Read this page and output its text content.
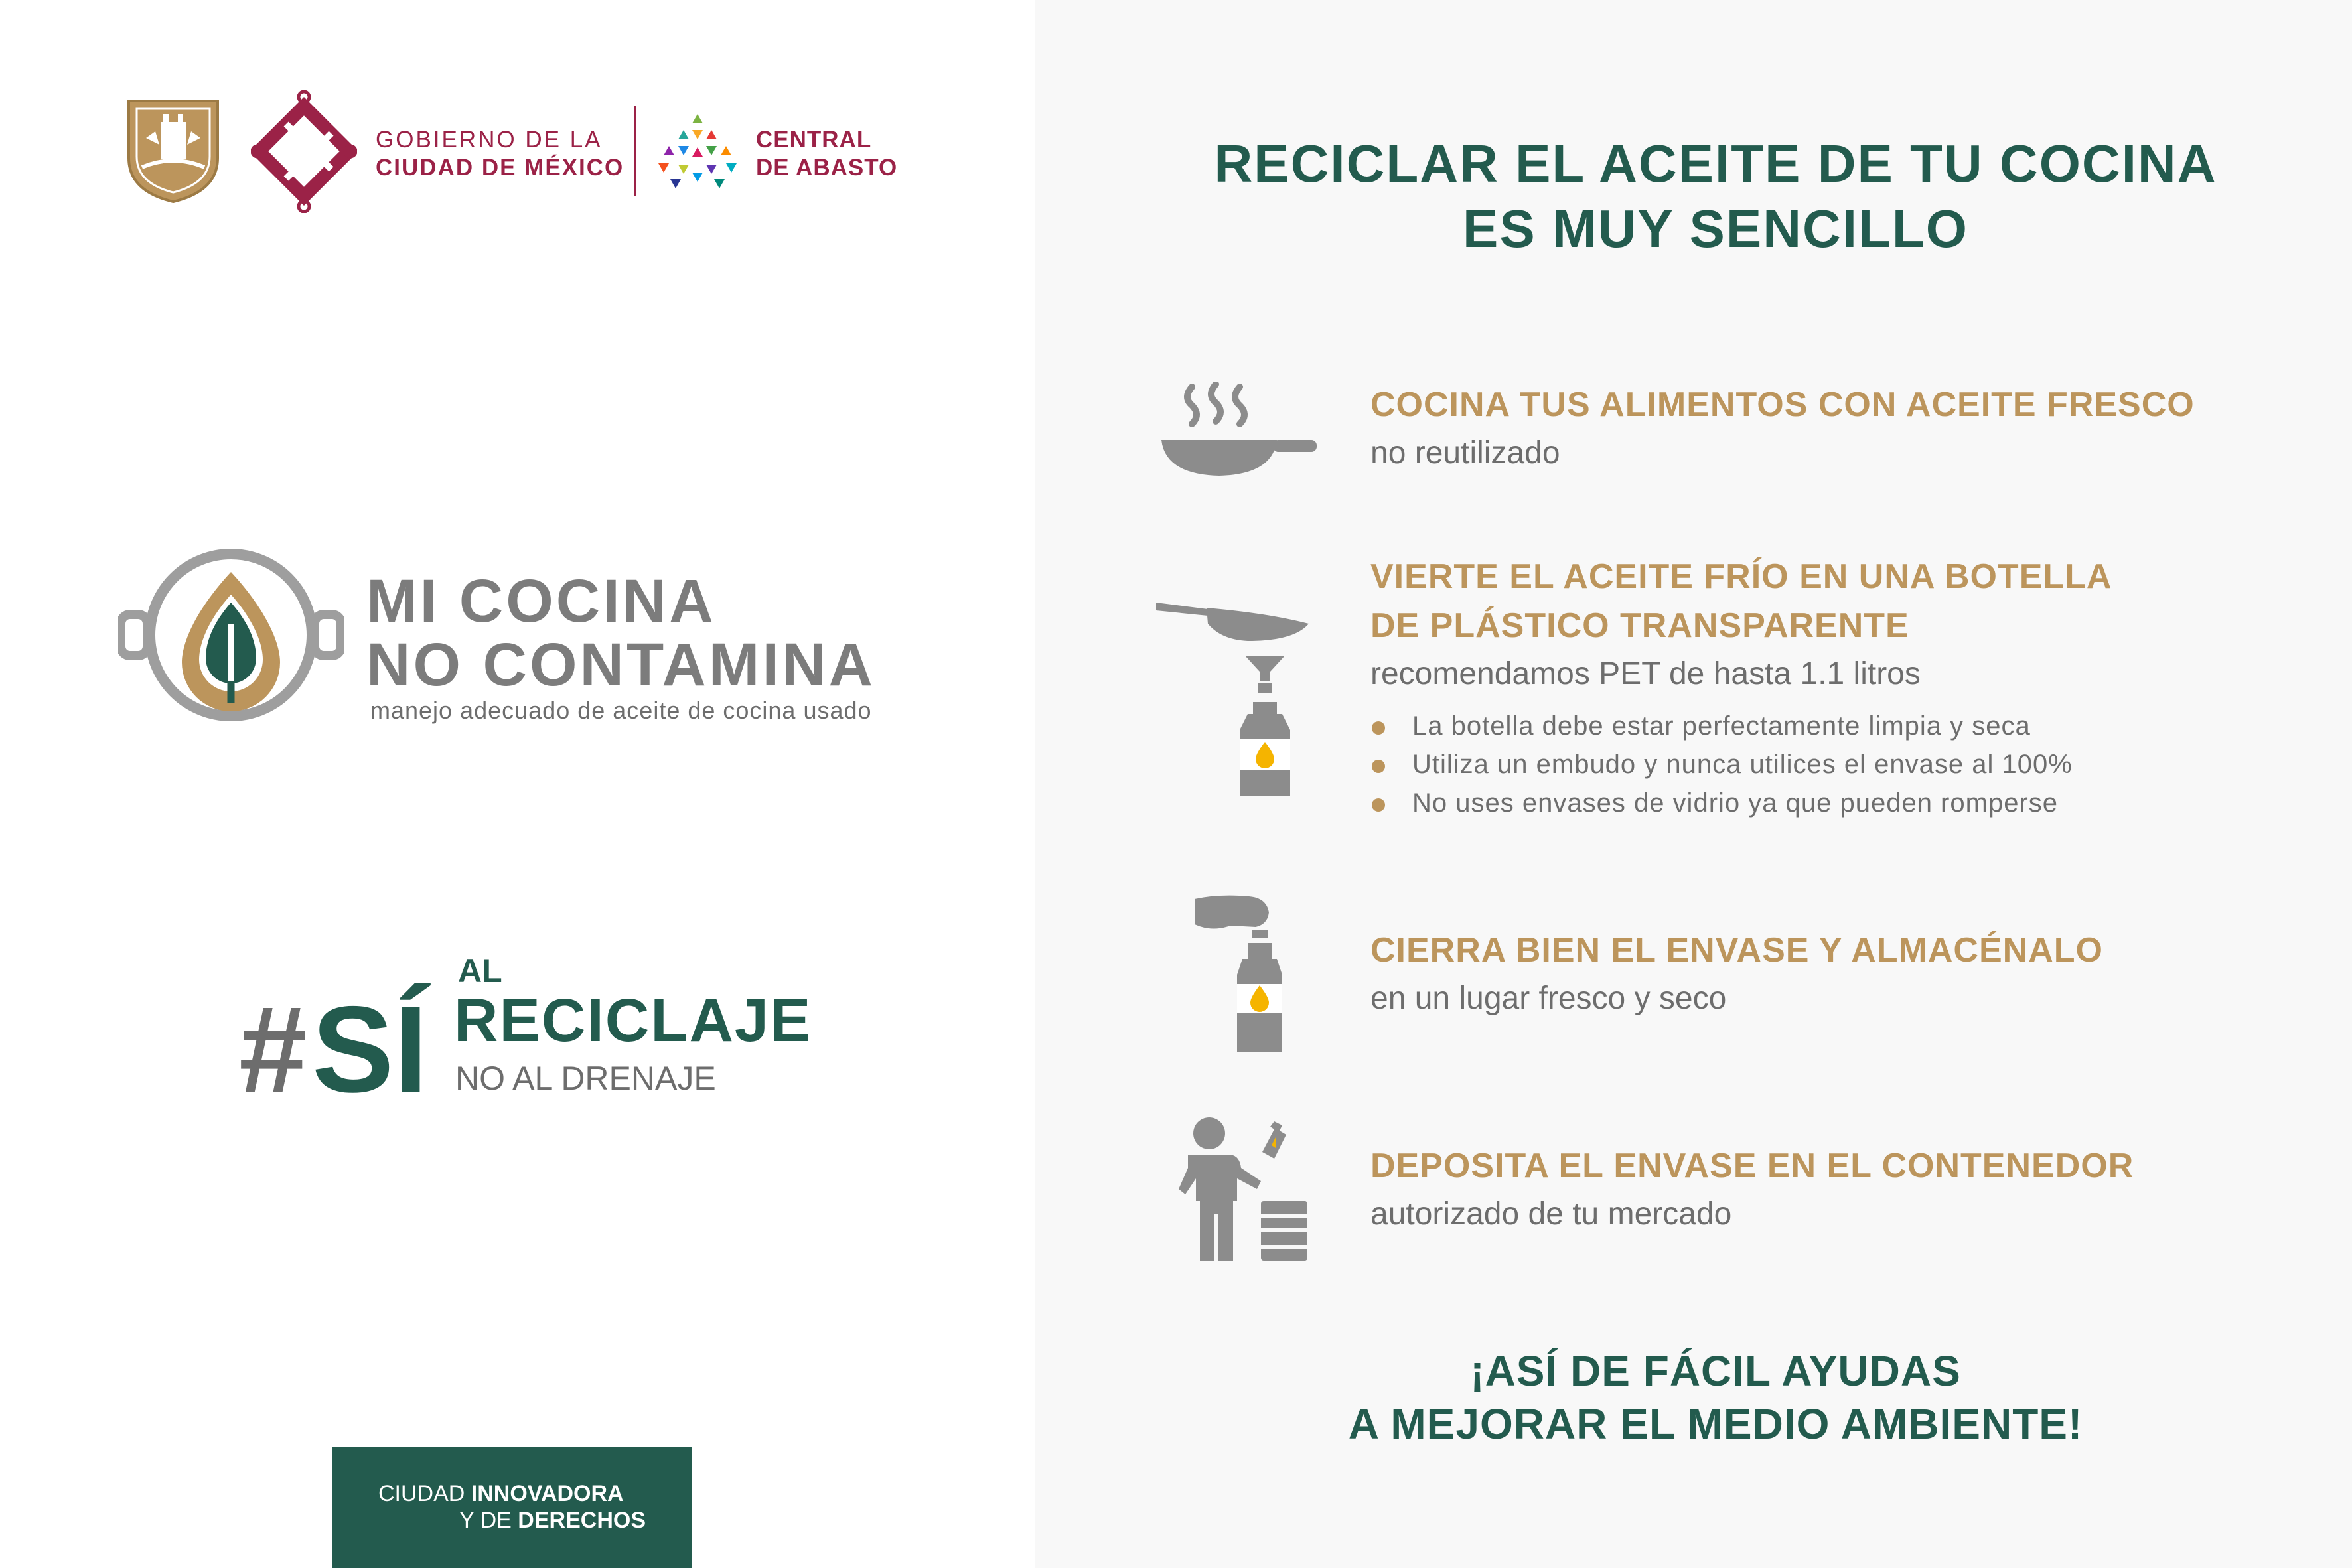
GOBIERNO DE LA
CIUDAD DE MÉXICO
CENTRAL
DE ABASTO
MI COCINA
NO CONTAMINA
manejo adecuado de aceite de cocina usado
# SÍ
AL
RECICLAJE
NO AL DRENAJE
CIUDAD INNOVADORA
Y DE DERECHOS
RECICLAR EL ACEITE DE TU COCINA
ES MUY SENCILLO
COCINA TUS ALIMENTOS CON ACEITE FRESCO
no reutilizado
VIERTE EL ACEITE FRÍO EN UNA BOTELLA
DE PLÁSTICO TRANSPARENTE
recomendamos PET de hasta 1.1 litros
La botella debe estar perfectamente limpia y seca
Utiliza un embudo y nunca utilices el envase al 100%
No uses envases de vidrio ya que pueden romperse
CIERRA BIEN EL ENVASE Y ALMACÉNALO
en un lugar fresco y seco
DEPOSITA EL ENVASE EN EL CONTENEDOR
autorizado de tu mercado
¡ASÍ DE FÁCIL AYUDAS
A MEJORAR EL MEDIO AMBIENTE!
